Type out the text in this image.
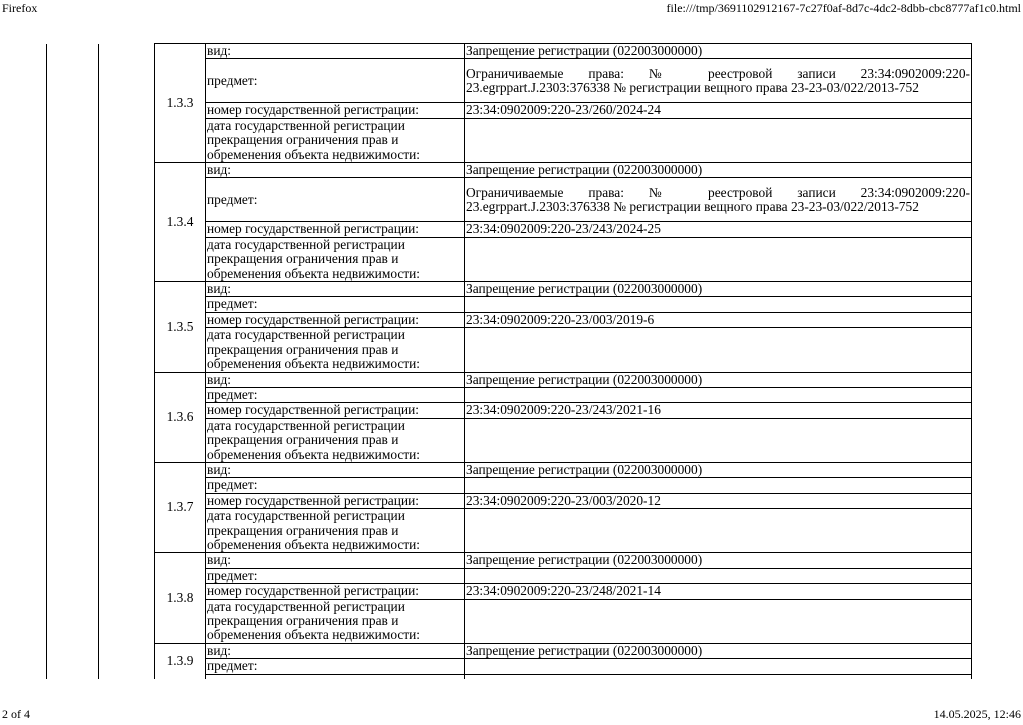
Firefox	file:///tmp/3691102912167-7c27f0af-8d7c-4dc2-8dbb-cbc8777af1c0.html
1.3.3	вид:	Запрещение регистрации (022003000000)
	предмет:	Ограничиваемые права: № реестровой записи 23:34:0902009:220-23.egrppart.J.2303:376338 № регистрации вещного права 23-23-03/022/2013-752
	номер государственной регистрации:	23:34:0902009:220-23/260/2024-24
	дата государственной регистрации прекращения ограничения прав и обременения объекта недвижимости:	
1.3.4	вид:	Запрещение регистрации (022003000000)
	предмет:	Ограничиваемые права: № реестровой записи 23:34:0902009:220-23.egrppart.J.2303:376338 № регистрации вещного права 23-23-03/022/2013-752
	номер государственной регистрации:	23:34:0902009:220-23/243/2024-25
	дата государственной регистрации прекращения ограничения прав и обременения объекта недвижимости:	
1.3.5	вид:	Запрещение регистрации (022003000000)
	предмет:	
	номер государственной регистрации:	23:34:0902009:220-23/003/2019-6
	дата государственной регистрации прекращения ограничения прав и обременения объекта недвижимости:	
1.3.6	вид:	Запрещение регистрации (022003000000)
	предмет:	
	номер государственной регистрации:	23:34:0902009:220-23/243/2021-16
	дата государственной регистрации прекращения ограничения прав и обременения объекта недвижимости:	
1.3.7	вид:	Запрещение регистрации (022003000000)
	предмет:	
	номер государственной регистрации:	23:34:0902009:220-23/003/2020-12
	дата государственной регистрации прекращения ограничения прав и обременения объекта недвижимости:	
1.3.8	вид:	Запрещение регистрации (022003000000)
	предмет:	
	номер государственной регистрации:	23:34:0902009:220-23/248/2021-14
	дата государственной регистрации прекращения ограничения прав и обременения объекта недвижимости:	
1.3.9	вид:	Запрещение регистрации (022003000000)
	предмет:	

2 of 4	14.05.2025, 12:46
